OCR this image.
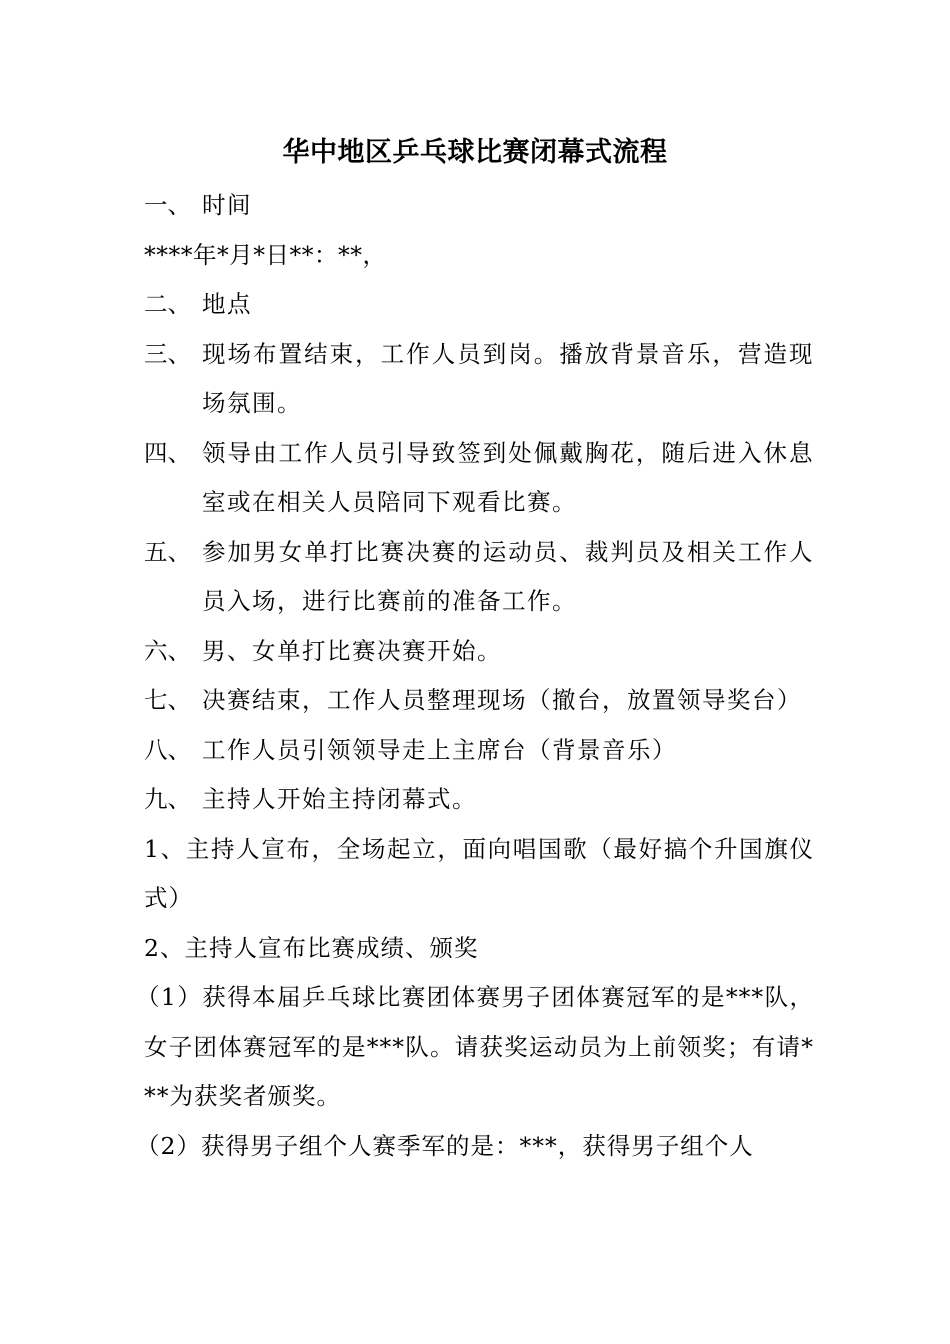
华中地区乒乓球比赛闭幕式流程
一、 时间
****年*月*日**：**，
二、 地点
三、 现场布置结束，工作人员到岗。播放背景音乐，营造现场氛围。
四、 领导由工作人员引导致签到处佩戴胸花，随后进入休息室或在相关人员陪同下观看比赛。
五、 参加男女单打比赛决赛的运动员、裁判员及相关工作人员入场，进行比赛前的准备工作。
六、 男、女单打比赛决赛开始。
七、 决赛结束，工作人员整理现场（撤台，放置领导奖台）
八、 工作人员引领领导走上主席台（背景音乐）
九、 主持人开始主持闭幕式。
1、主持人宣布，全场起立，面向唱国歌（最好搞个升国旗仪式）
2、主持人宣布比赛成绩、颁奖
（1）获得本届乒乓球比赛团体赛男子团体赛冠军的是***队，女子团体赛冠军的是***队。请获奖运动员为上前领奖；有请***为获奖者颁奖。
（2）获得男子组个人赛季军的是：***，获得男子组个人
